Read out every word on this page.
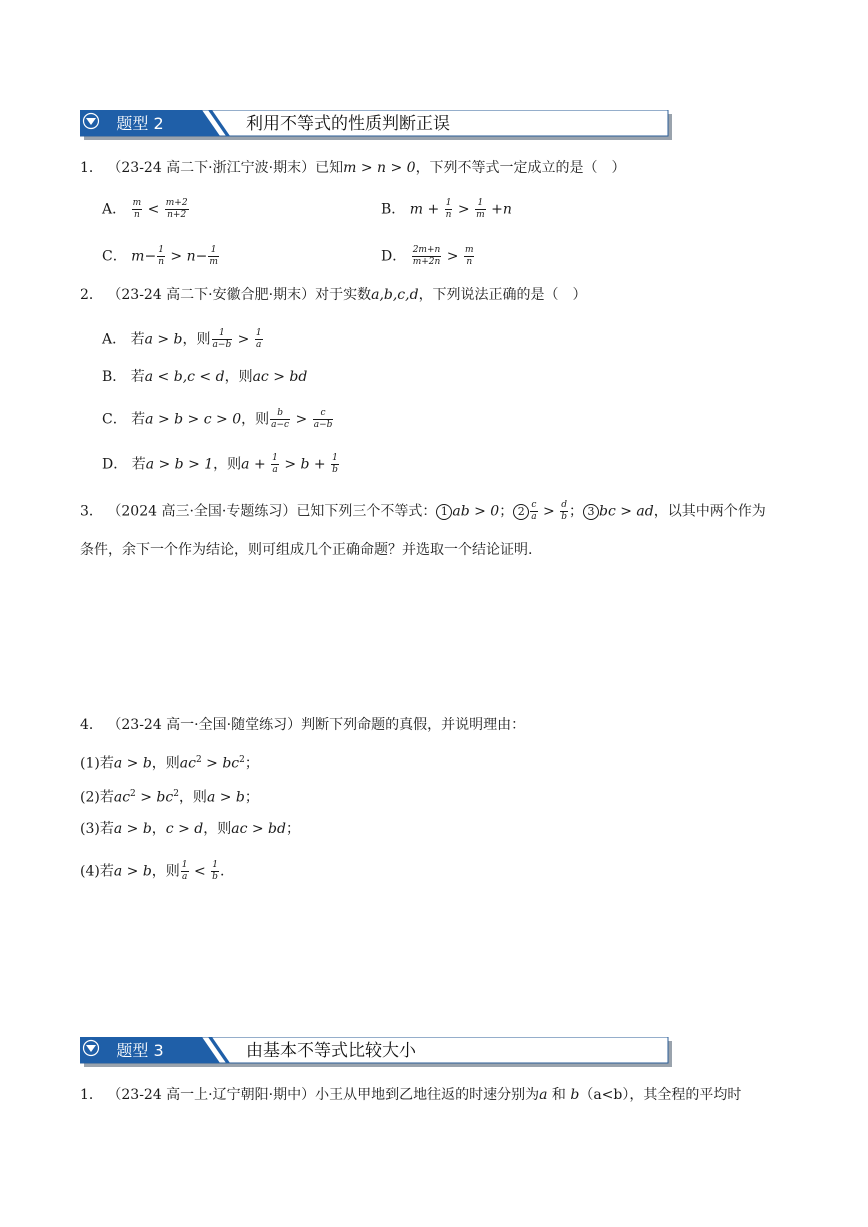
题型 2	利用不等式的性质判断正误
1． （23-24 高二下·浙江宁波·期末）已知m > n > 0，下列不等式一定成立的是（　）
A． $\frac{m}{n} < \frac{m+2}{n+2}$	B． $m + \frac{1}{n} > \frac{1}{m} +n$
C． $m- \frac{1}{n} > n- \frac{1}{m}$	D． $\frac{2m+n}{m+2n} > \frac{m}{n}$
2． （23-24 高二下·安徽合肥·期末）对于实数a,b,c,d，下列说法正确的是（　）
A． 若a > b，则 $\frac{1}{a-b} > \frac{1}{a}$
B． 若a < b,c < d，则ac > bd
C． 若a > b > c > 0，则 $\frac{b}{a-c} > \frac{c}{a-b}$
D． 若a > b > 1，则$a + \frac{1}{a} > b + \frac{1}{b}$
3． （2024 高三·全国·专题练习）已知下列三个不等式： 1 ab > 0； $2 \frac{c}{a} > \frac{d}{b}$ ； 3 bc > ad，以其中两个作为
条件，余下一个作为结论，则可组成几个正确命题？并选取一个结论证明.
4． （23-24 高一·全国·随堂练习）判断下列命题的真假，并说明理由：
(1)若a > b，则$ac^2 > bc^2$；
(2)若$ac^2 > bc^2$，则a > b；
(3)若a > b，c > d，则ac > bd；
(4)若a > b，则 $\frac{1}{a} < \frac{1}{b}$ .
题型 3	由基本不等式比较大小
1． （23-24 高一上·辽宁朝阳·期中）小王从甲地到乙地往返的时速分别为a 和 b（a<b），其全程的平均时
